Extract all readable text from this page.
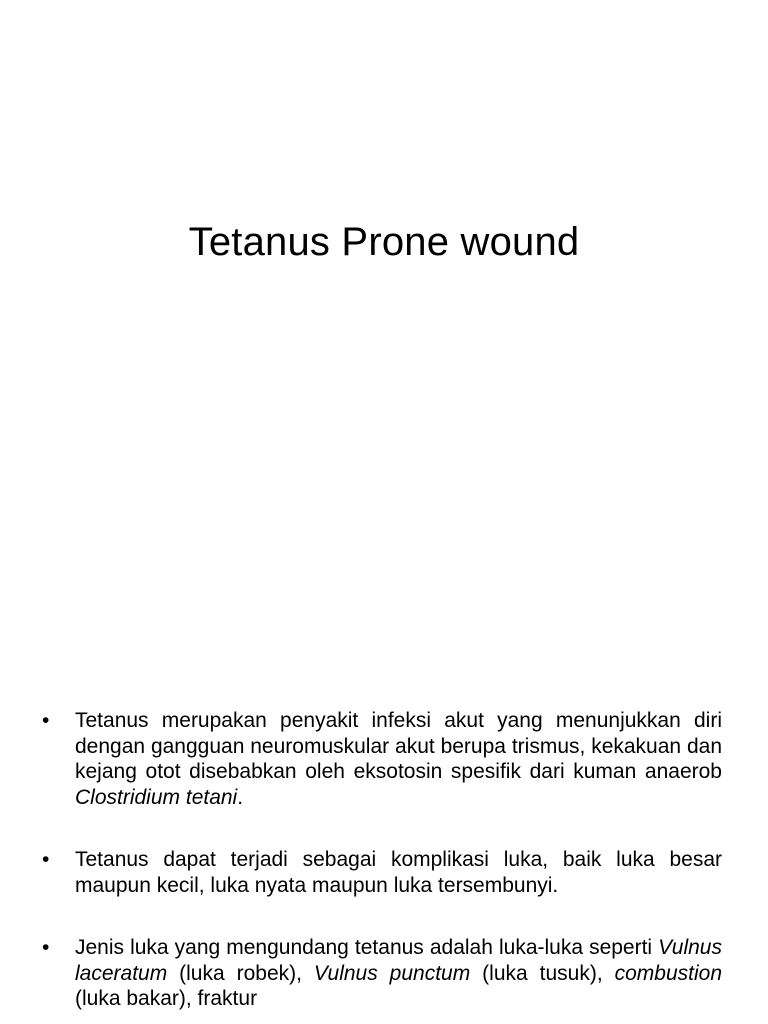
Tetanus Prone wound
• Tetanus merupakan penyakit infeksi akut yang menunjukkan diri dengan gangguan neuromuskular akut berupa trismus, kekakuan dan kejang otot disebabkan oleh eksotosin spesifik dari kuman anaerob Clostridium tetani.
• Tetanus dapat terjadi sebagai komplikasi luka, baik luka besar maupun kecil, luka nyata maupun luka tersembunyi.
• Jenis luka yang mengundang tetanus adalah luka-luka seperti Vulnus laceratum (luka robek), Vulnus punctum (luka tusuk), combustion (luka bakar), fraktur
